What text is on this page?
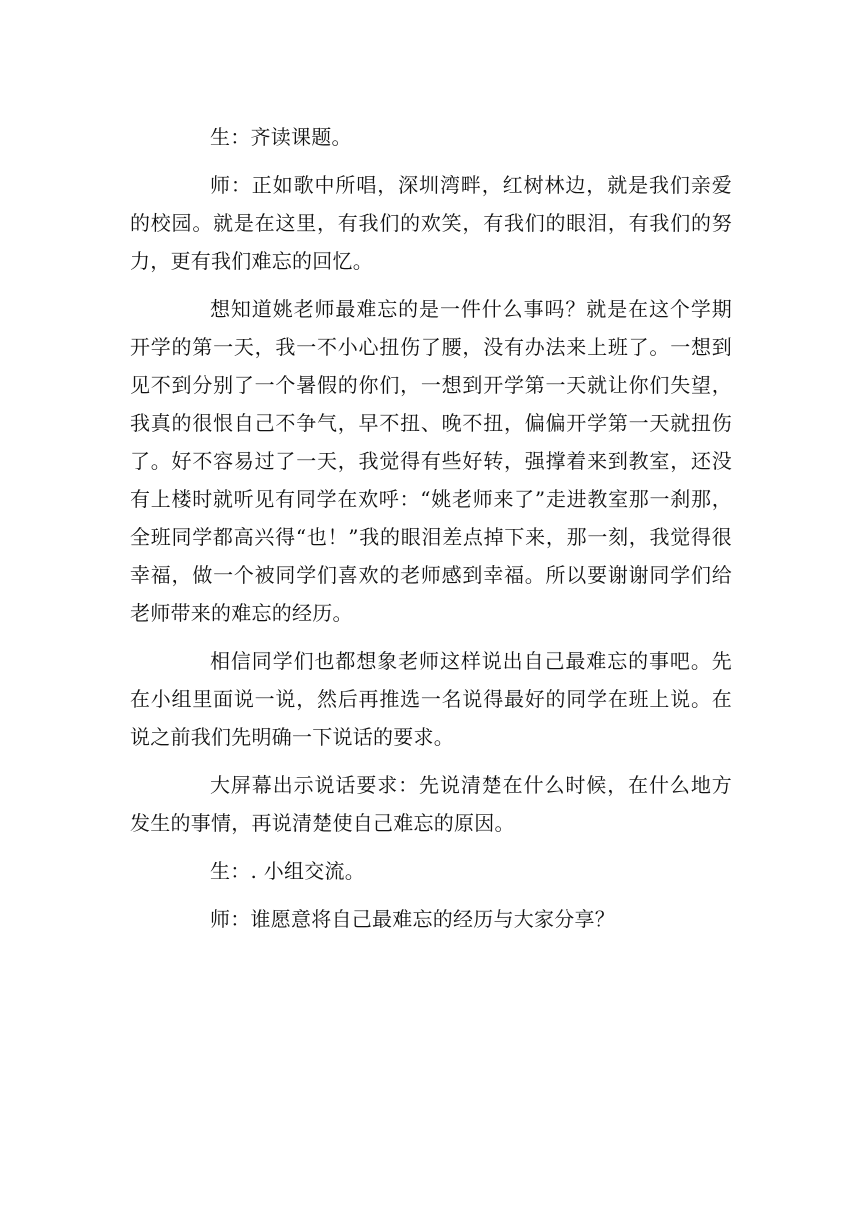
生：齐读课题。

师：正如歌中所唱，深圳湾畔，红树林边，就是我们亲爱的校园。就是在这里，有我们的欢笑，有我们的眼泪，有我们的努力，更有我们难忘的回忆。

想知道姚老师最难忘的是一件什么事吗？就是在这个学期开学的第一天，我一不小心扭伤了腰，没有办法来上班了。一想到见不到分别了一个暑假的你们，一想到开学第一天就让你们失望，我真的很恨自己不争气，早不扭、晚不扭，偏偏开学第一天就扭伤了。好不容易过了一天，我觉得有些好转，强撑着来到教室，还没有上楼时就听见有同学在欢呼：“姚老师来了”走进教室那一刹那，全班同学都高兴得“也！”我的眼泪差点掉下来，那一刻，我觉得很幸福，做一个被同学们喜欢的老师感到幸福。所以要谢谢同学们给老师带来的难忘的经历。

相信同学们也都想象老师这样说出自己最难忘的事吧。先在小组里面说一说，然后再推选一名说得最好的同学在班上说。在说之前我们先明确一下说话的要求。

大屏幕出示说话要求：先说清楚在什么时候，在什么地方发生的事情，再说清楚使自己难忘的原因。

生：. 小组交流。

师：谁愿意将自己最难忘的经历与大家分享？
